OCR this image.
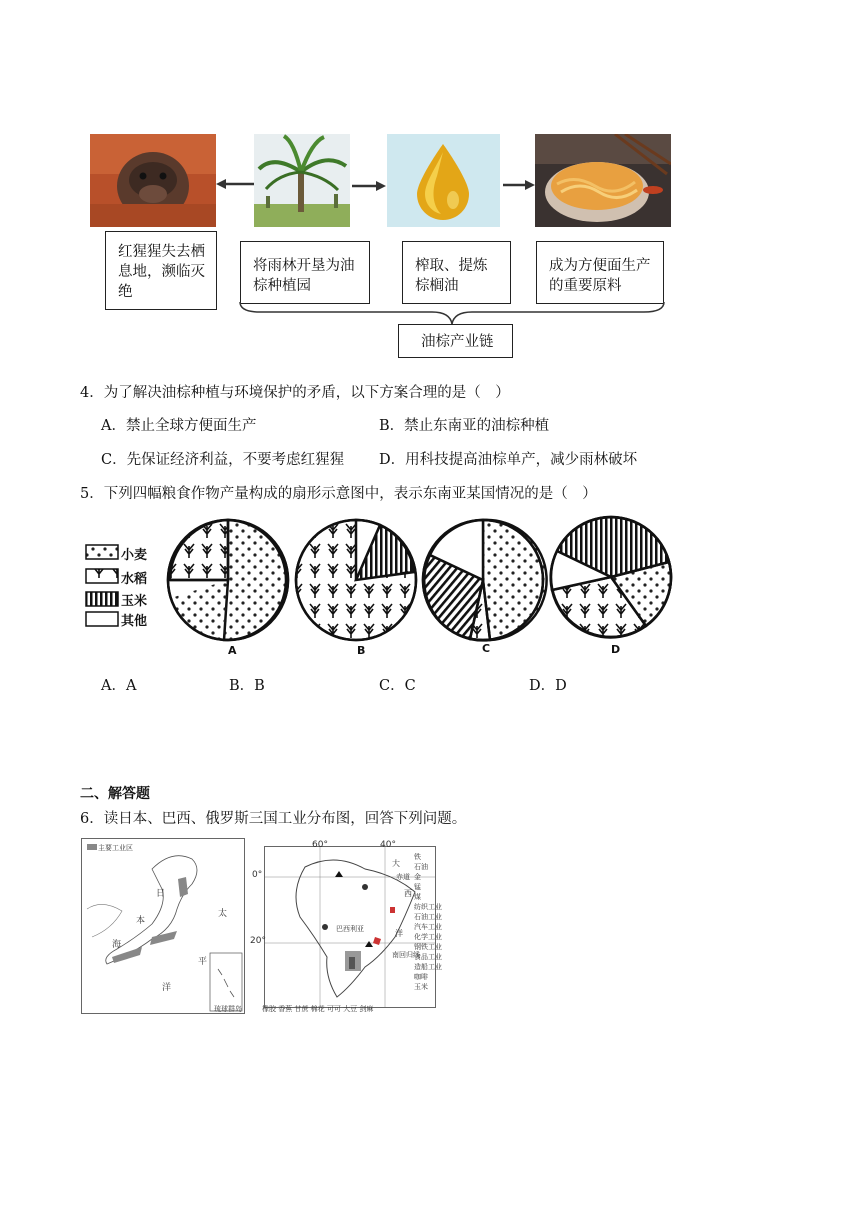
红猩猩失去栖息地，濒临灭绝
将雨林开垦为油棕种植园
榨取、提炼棕榈油
成为方便面生产的重要原料
油棕产业链
4．为了解决油棕种植与环境保护的矛盾，以下方案合理的是（　）
A．禁止全球方便面生产	B．禁止东南亚的油棕种植
C．先保证经济利益，不要考虑红猩猩 D．用科技提高油棕单产，减少雨林破坏
5．下列四幅粮食作物产量构成的扇形示意图中，表示东南亚某国情况的是（　）
小麦
水稻
玉米
其他
A	B	C	D
A．A	B．B	C．C	D．D
二、解答题
6．读日本、巴西、俄罗斯三国工业分布图，回答下列问题。
主要工业区
日
本
海
太
平
洋
琉球群岛
60°	40°
0°
20°
大
西
洋
巴西利亚
赤道
南回归线
铁
石油
金
锰
煤
纺织工业
石油工业
汽车工业
化学工业
钢铁工业
食品工业
造船工业
咖啡
玉米
橡胶 香蕉 甘蔗 棉花 可可 大豆 剑麻
